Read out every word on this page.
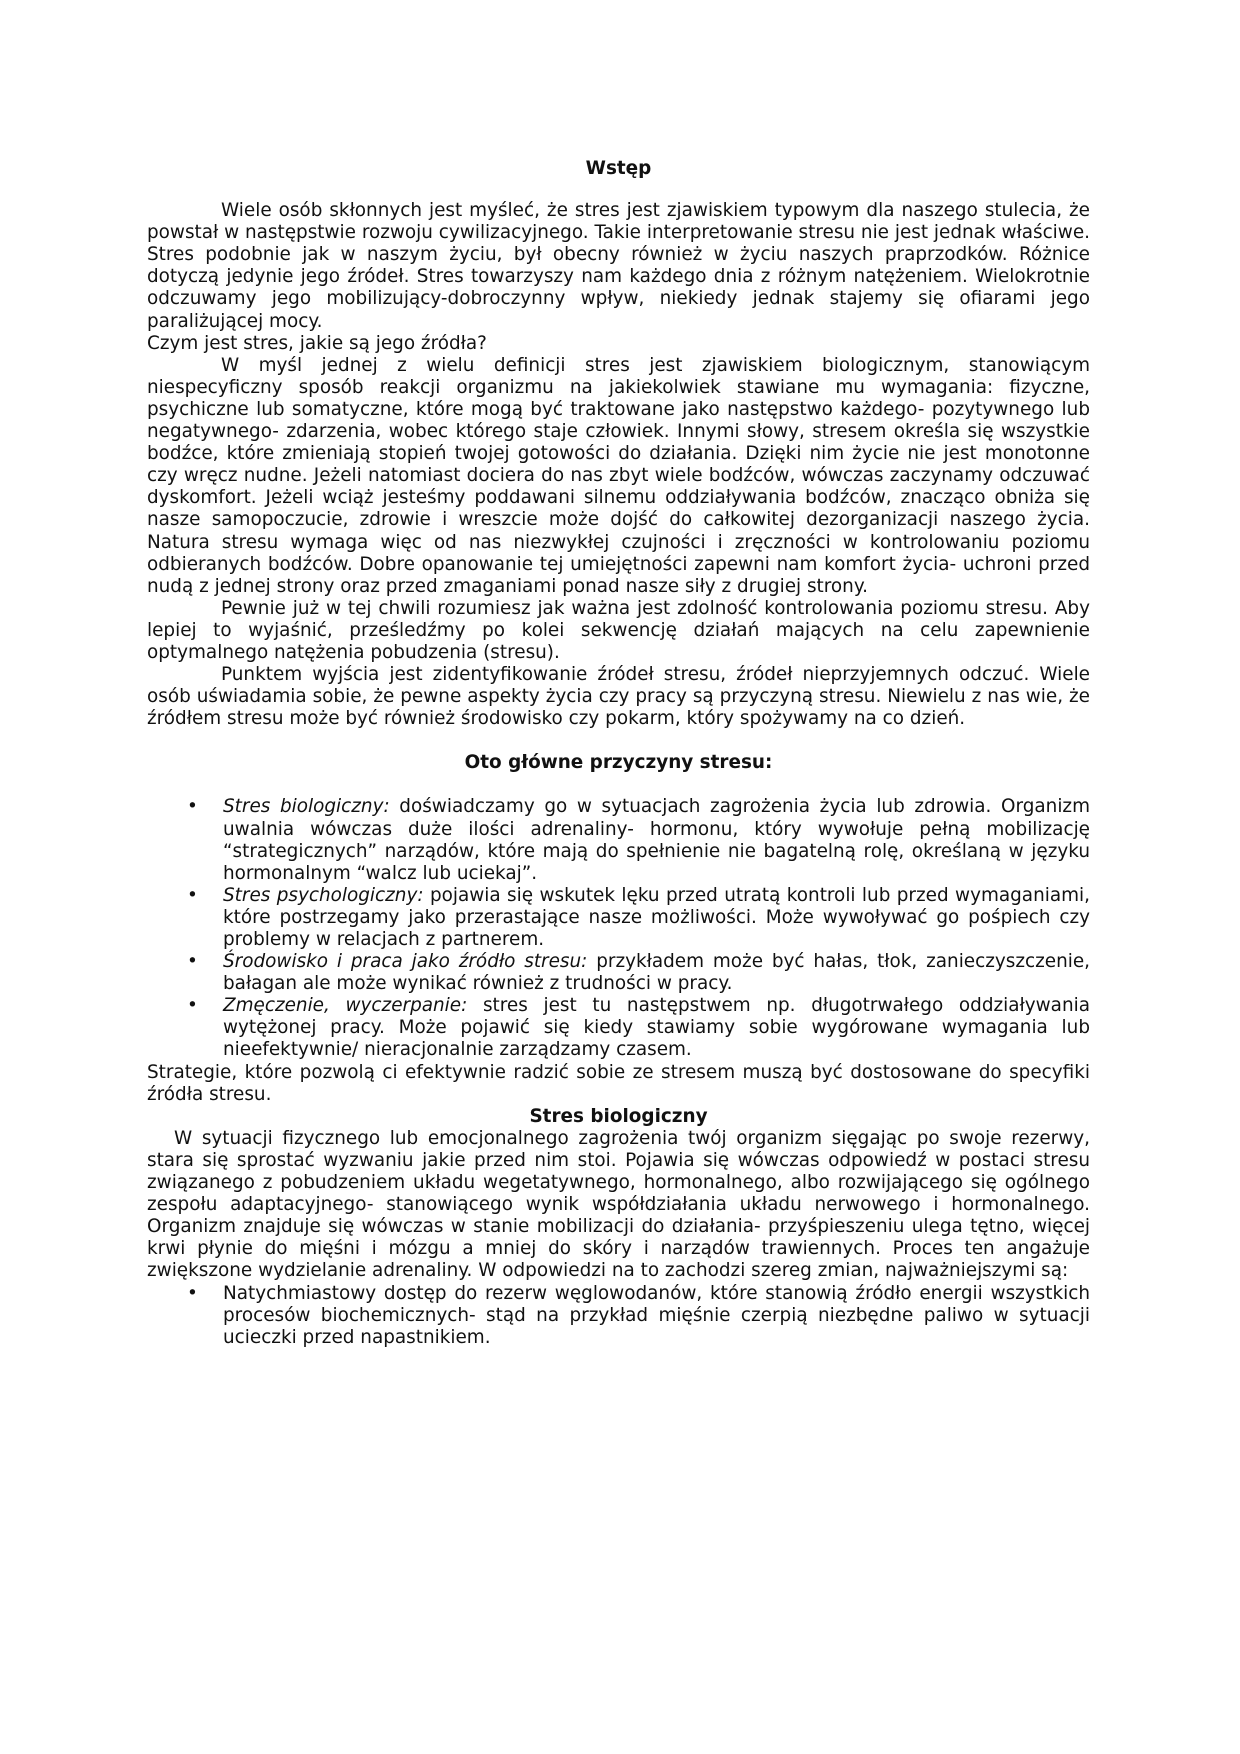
Wstęp

Wiele osób skłonnych jest myśleć, że stres jest zjawiskiem typowym dla naszego stulecia, że powstał w następstwie rozwoju cywilizacyjnego. Takie interpretowanie stresu nie jest jednak właściwe. Stres podobnie jak w naszym życiu, był obecny również w życiu naszych praprzodków. Różnice dotyczą jedynie jego źródeł. Stres towarzyszy nam każdego dnia z różnym natężeniem. Wielokrotnie odczuwamy jego mobilizujący-dobroczynny wpływ, niekiedy jednak stajemy się ofiarami jego paraliżującej mocy.

Czym jest stres, jakie są jego źródła?

W myśl jednej z wielu definicji stres jest zjawiskiem biologicznym, stanowiącym niespecyficzny sposób reakcji organizmu na jakiekolwiek stawiane mu wymagania: fizyczne, psychiczne lub somatyczne, które mogą być traktowane jako następstwo każdego- pozytywnego lub negatywnego- zdarzenia, wobec którego staje człowiek. Innymi słowy, stresem określa się wszystkie bodźce, które zmieniają stopień twojej gotowości do działania. Dzięki nim życie nie jest monotonne czy wręcz nudne. Jeżeli natomiast dociera do nas zbyt wiele bodźców, wówczas zaczynamy odczuwać dyskomfort. Jeżeli wciąż jesteśmy poddawani silnemu oddziaływania bodźców, znacząco obniża się nasze samopoczucie, zdrowie i wreszcie może dojść do całkowitej dezorganizacji naszego życia. Natura stresu wymaga więc od nas niezwykłej czujności i zręczności w kontrolowaniu poziomu odbieranych bodźców. Dobre opanowanie tej umiejętności zapewni nam komfort życia- uchroni przed nudą z jednej strony oraz przed zmaganiami ponad nasze siły z drugiej strony.

Pewnie już w tej chwili rozumiesz jak ważna jest zdolność kontrolowania poziomu stresu. Aby lepiej to wyjaśnić, prześledźmy po kolei sekwencję działań mających na celu zapewnienie optymalnego natężenia pobudzenia (stresu).

Punktem wyjścia jest zidentyfikowanie źródeł stresu, źródeł nieprzyjemnych odczuć. Wiele osób uświadamia sobie, że pewne aspekty życia czy pracy są przyczyną stresu. Niewielu z nas wie, że źródłem stresu może być również środowisko czy pokarm, który spożywamy na co dzień.

Oto główne przyczyny stresu:
• Stres biologiczny: doświadczamy go w sytuacjach zagrożenia życia lub zdrowia. Organizm uwalnia wówczas duże ilości adrenaliny- hormonu, który wywołuje pełną mobilizację “strategicznych” narządów, które mają do spełnienie nie bagatelną rolę, określaną w języku hormonalnym “walcz lub uciekaj”.
• Stres psychologiczny: pojawia się wskutek lęku przed utratą kontroli lub przed wymaganiami, które postrzegamy jako przerastające nasze możliwości. Może wywoływać go pośpiech czy problemy w relacjach z partnerem.
• Środowisko i praca jako źródło stresu: przykładem może być hałas, tłok, zanieczyszczenie, bałagan ale może wynikać również z trudności w pracy.
• Zmęczenie, wyczerpanie: stres jest tu następstwem np. długotrwałego oddziaływania wytężonej pracy. Może pojawić się kiedy stawiamy sobie wygórowane wymagania lub nieefektywnie/ nieracjonalnie zarządzamy czasem.

Strategie, które pozwolą ci efektywnie radzić sobie ze stresem muszą być dostosowane do specyfiki źródła stresu.

Stres biologiczny

W sytuacji fizycznego lub emocjonalnego zagrożenia twój organizm sięgając po swoje rezerwy, stara się sprostać wyzwaniu jakie przed nim stoi. Pojawia się wówczas odpowiedź w postaci stresu związanego z pobudzeniem układu wegetatywnego, hormonalnego, albo rozwijającego się ogólnego zespołu adaptacyjnego- stanowiącego wynik współdziałania układu nerwowego i hormonalnego. Organizm znajduje się wówczas w stanie mobilizacji do działania- przyśpieszeniu ulega tętno, więcej krwi płynie do mięśni i mózgu a mniej do skóry i narządów trawiennych. Proces ten angażuje zwiększone wydzielanie adrenaliny. W odpowiedzi na to zachodzi szereg zmian, najważniejszymi są:

• Natychmiastowy dostęp do rezerw węglowodanów, które stanowią źródło energii wszystkich procesów biochemicznych- stąd na przykład mięśnie czerpią niezbędne paliwo w sytuacji ucieczki przed napastnikiem.
